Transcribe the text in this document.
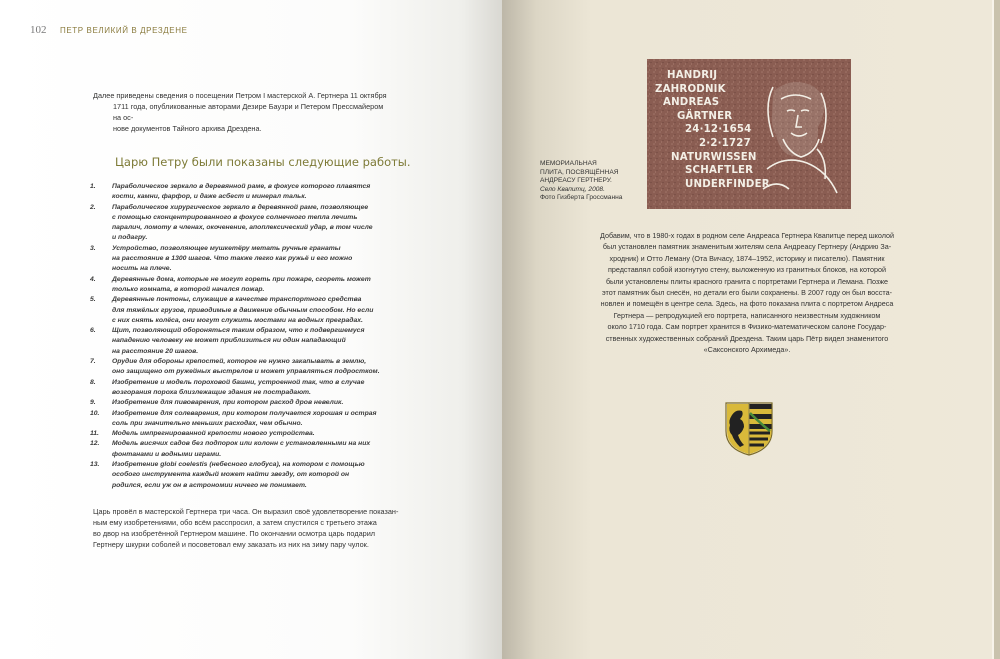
102 ПЕТР ВЕЛИКИЙ В ДРЕЗДЕНЕ
Далее приведены сведения о посещении Петром I мастерской А. Гертнера 11 октября
1711 года, опубликованные авторами Дезире Баузри и Петером Прессмайером на ос-
нове документов Тайного архива Дрездена.
Царю Петру были показаны следующие работы.
1. Параболическое зеркало в деревянной раме, в фокусе которого плавятся
кости, камни, фарфор, и даже асбест и минерал тальк.
2. Параболическое хирургическое зеркало в деревянной раме, позволяющее
с помощью сконцентрированного в фокусе солнечного тепла лечить
паралич, ломоту в членах, окоченение, апоплексический удар, в том числе
и подагру.
3. Устройство, позволяющее мушкетёру метать ручные гранаты
на расстояние в 1300 шагов. Что также легко как ружьё и его можно
носить на плече.
4. Деревянные дома, которые не могут гореть при пожаре, сгореть может
только комната, в которой начался пожар.
5. Деревянные понтоны, служащие в качестве транспортного средства
для тяжёлых грузов, приводимые в движение обычным способом. Но если
с них снять колёса, они могут служить мостами на водных преградах.
6. Щит, позволяющий обороняться таким образом, что к подвергшемуся
нападению человеку не может приблизиться ни один нападающий
на расстояние 20 шагов.
7. Орудие для обороны крепостей, которое не нужно закапывать в землю,
оно защищено от ружейных выстрелов и может управляться подростком.
8. Изобретение и модель пороховой башни, устроенной так, что в случае
возгорания пороха близлежащие здания не пострадают.
9. Изобретение для пивоварения, при котором расход дров невелик.
10. Изобретение для солеварения, при котором получается хорошая и острая
соль при значительно меньших расходах, чем обычно.
11. Модель импрегнированной крепости нового устройства.
12. Модель висячих садов без подпорок или колонн с установленными на них
фонтанами и водными играми.
13. Изобретение globi coelestis (небесного глобуса), на котором с помощью
особого инструмента каждый может найти звезду, от которой он
родился, если уж он в астрономии ничего не понимает.
Царь провёл в мастерской Гертнера три часа. Он выразил своё удовлетворение показан-
ным ему изобретениями, обо всём расспросил, а затем спустился с третьего этажа
во двор на изобретённой Гертнером машине. По окончании осмотра царь подарил
Гертнеру шкурки соболей и посоветовал ему заказать из них на зиму пару чулок.
HANDRIJ
ZAHRODNIK
ANDREAS
GÄRTNER
24·12·1654
2·2·1727
NATURWISSEN
SCHAFTLER
UNDERFINDER
МЕМОРИАЛЬНАЯ
ПЛИТА, ПОСВЯЩЁННАЯ
АНДРЕАСУ ГЕРТНЕРУ.
Село Квапитц, 2008.
Фото Гизберта Гроссманна
Добавим, что в 1980-х годах в родном селе Андреаса Гертнера Квапитце перед школой
был установлен памятник знаменитым жителям села Андреасу Гертнеру (Андрию За-
хродник) и Отто Леману (Ота Вичасу, 1874–1952, историку и писателю). Памятник
представлял собой изогнутую стену, выложенную из гранитных блоков, на которой
были установлены плиты красного гранита с портретами Гертнера и Лемана. Позже
этот памятник был снесён, но детали его были сохранены. В 2007 году он был восста-
новлен и помещён в центре села. Здесь, на фото показана плита с портретом Андреса
Гертнера — репродукцией его портрета, написанного неизвестным художником
около 1710 года. Сам портрет хранится в Физико-математическом салоне Государ-
ственных художественных собраний Дрездена. Таким царь Пётр видел знаменитого
«Саксонского Архимеда».
